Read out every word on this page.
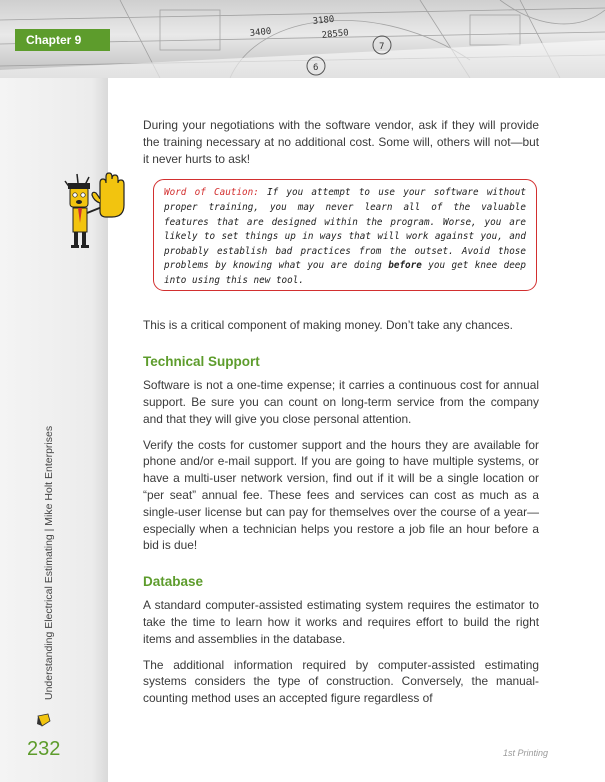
3400
3180
28550
7
6
Chapter 9
Understanding Electrical Estimating | Mike Holt Enterprises
232	1st Printing

During your negotiations with the software vendor, ask if they will provide the training necessary at no additional cost. Some will, others will not—but it never hurts to ask!

Word of Caution: If you attempt to use your software without proper training, you may never learn all of the valuable features that are designed within the program. Worse, you are likely to set things up in ways that will work against you, and probably establish bad practices from the outset. Avoid those problems by knowing what you are doing before you get knee deep into using this new tool.

This is a critical component of making money. Don’t take any chances.

Technical Support

Software is not a one-time expense; it carries a continuous cost for annual support. Be sure you can count on long-term service from the company and that they will give you close personal attention.

Verify the costs for customer support and the hours they are available for phone and/or e-mail support. If you are going to have multiple systems, or have a multi-user network version, find out if it will be a single location or “per seat” annual fee. These fees and services can cost as much as a single-user license but can pay for themselves over the course of a year—especially when a technician helps you restore a job file an hour before a bid is due!

Database

A standard computer-assisted estimating system requires the estimator to take the time to learn how it works and requires effort to build the right items and assemblies in the database.

The additional information required by computer-assisted estimating systems considers the type of construction. Conversely, the manual-counting method uses an accepted figure regardless of
